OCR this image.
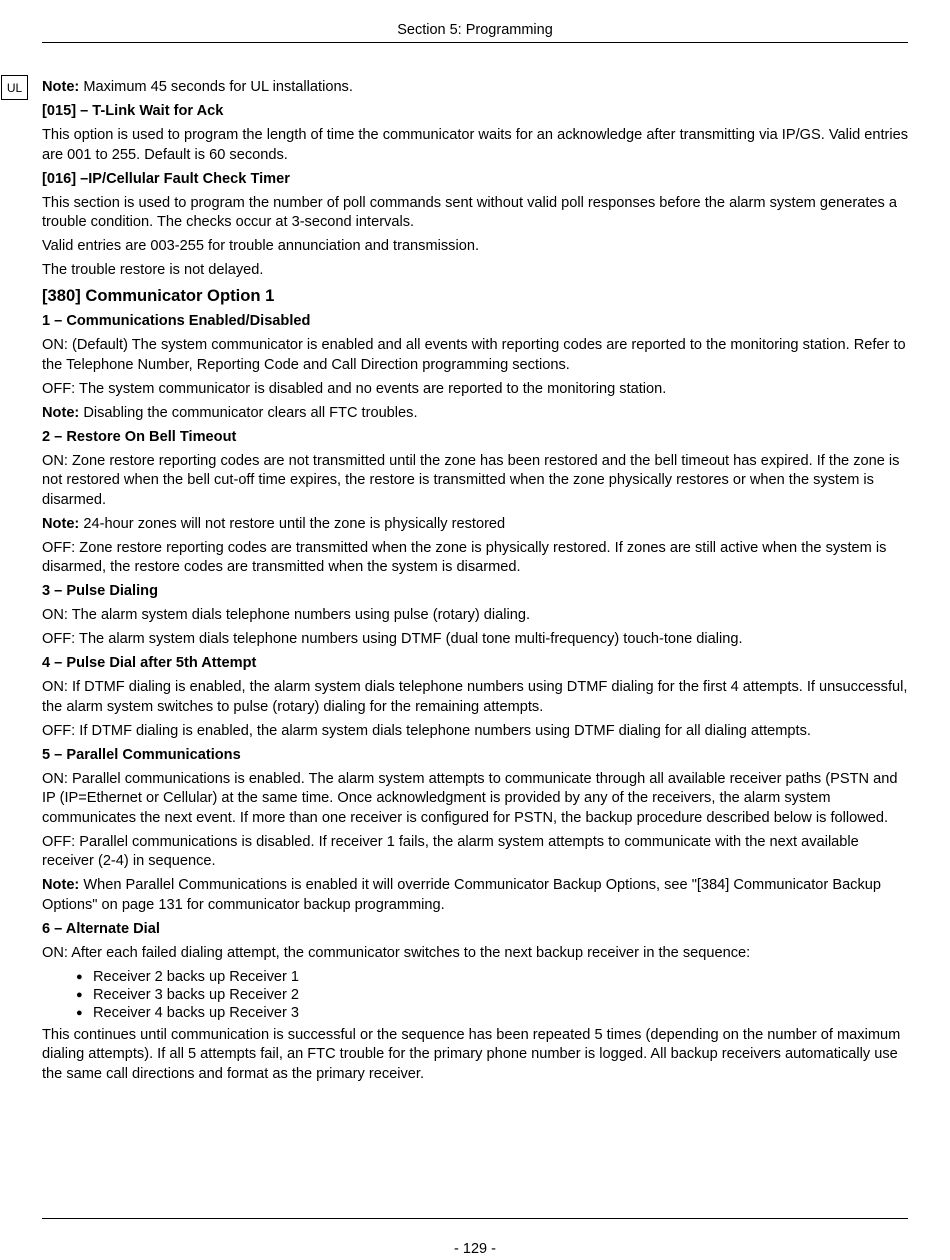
Section 5: Programming
UL	Note: Maximum 45 seconds for UL installations.

[015] – T-Link Wait for Ack

This option is used to program the length of time the communicator waits for an acknowledge after transmitting via IP/GS. Valid entries are 001 to 255. Default is 60 seconds.

[016] –IP/Cellular Fault Check Timer

This section is used to program the number of poll commands sent without valid poll responses before the alarm system generates a trouble condition. The checks occur at 3-second intervals.

Valid entries are 003-255 for trouble annunciation and transmission.

The trouble restore is not delayed.

[380] Communicator Option 1
1 – Communications Enabled/Disabled

ON: (Default) The system communicator is enabled and all events with reporting codes are reported to the monitoring station. Refer to the Telephone Number, Reporting Code and Call Direction programming sections.

OFF: The system communicator is disabled and no events are reported to the monitoring station.

Note: Disabling the communicator clears all FTC troubles.

2 – Restore On Bell Timeout

ON: Zone restore reporting codes are not transmitted until the zone has been restored and the bell timeout has expired. If the zone is not restored when the bell cut-off time expires, the restore is transmitted when the zone physically restores or when the system is disarmed.

Note: 24-hour zones will not restore until the zone is physically restored

OFF: Zone restore reporting codes are transmitted when the zone is physically restored. If zones are still active when the system is disarmed, the restore codes are transmitted when the system is disarmed.

3 – Pulse Dialing

ON: The alarm system dials telephone numbers using pulse (rotary) dialing.

OFF: The alarm system dials telephone numbers using DTMF (dual tone multi-frequency) touch-tone dialing.

4 – Pulse Dial after 5th Attempt

ON: If DTMF dialing is enabled, the alarm system dials telephone numbers using DTMF dialing for the first 4 attempts. If unsuccessful, the alarm system switches to pulse (rotary) dialing for the remaining attempts.

OFF: If DTMF dialing is enabled, the alarm system dials telephone numbers using DTMF dialing for all dialing attempts.

5 – Parallel Communications

ON: Parallel communications is enabled. The alarm system attempts to communicate through all available receiver paths (PSTN and IP (IP=Ethernet or Cellular) at the same time. Once acknowledgment is provided by any of the receivers, the alarm system communicates the next event. If more than one receiver is configured for PSTN, the backup procedure described below is followed.

OFF: Parallel communications is disabled. If receiver 1 fails, the alarm system attempts to communicate with the next available receiver (2-4) in sequence.

Note: When Parallel Communications is enabled it will override Communicator Backup Options, see "[384] Communicator Backup Options" on page 131 for communicator backup programming.

6 – Alternate Dial

ON: After each failed dialing attempt, the communicator switches to the next backup receiver in the sequence:

● Receiver 2 backs up Receiver 1
● Receiver 3 backs up Receiver 2
● Receiver 4 backs up Receiver 3

This continues until communication is successful or the sequence has been repeated 5 times (depending on the number of maximum dialing attempts). If all 5 attempts fail, an FTC trouble for the primary phone number is logged. All backup receivers automatically use the same call directions and format as the primary receiver.

- 129 -
